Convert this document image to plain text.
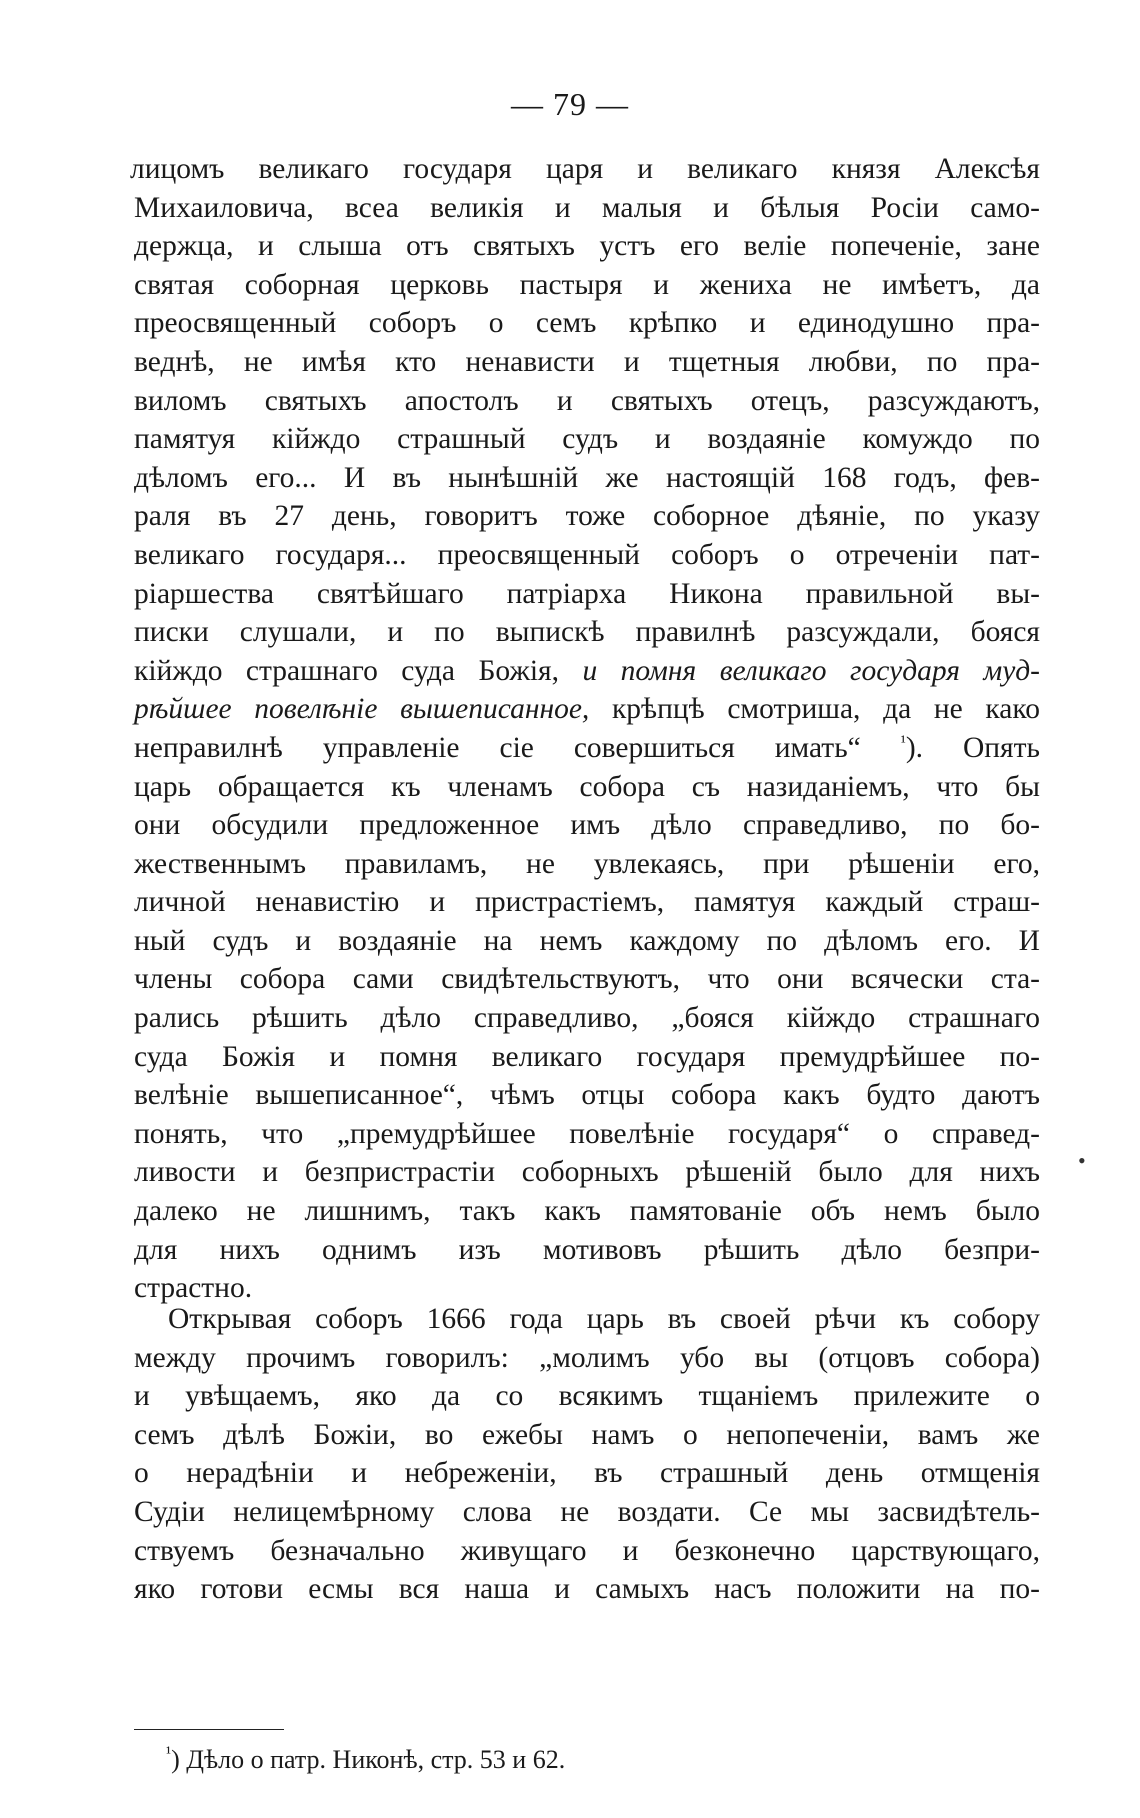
— 79 —
лицомъ великаго государя царя и великаго князя Алексѣя
Михаиловича, всеа великія и малыя и бѣлыя Росіи само-
держца, и слыша отъ святыхъ устъ его веліе попеченіе, зане
святая соборная церковь пастыря и жениха не имѣетъ, да
преосвященный соборъ о семъ крѣпко и единодушно пра-
веднѣ, не имѣя кто ненависти и тщетныя любви, по пра-
виломъ святыхъ апостолъ и святыхъ отецъ, разсуждаютъ,
памятуя кійждо страшный судъ и воздаяніе комуждо по
дѣломъ его... И въ нынѣшній же настоящій 168 годъ, фев-
раля въ 27 день, говоритъ тоже соборное дѣяніе, по указу
великаго государя... преосвященный соборъ о отреченіи пат-
ріаршества святѣйшаго патріарха Никона правильной вы-
писки слушали, и по выпискѣ правилнѣ разсуждали, бояся
кійждо страшнаго суда Божія, и помня великаго государя муд-
рѣйшее повелѣніе вышеписанное, крѣпцѣ смотриша, да не како
неправилнѣ управленіе сіе совершиться имать“ $^{^1}$). Опять
царь обращается къ членамъ собора съ назиданіемъ, что бы
они обсудили предложенное имъ дѣло справедливо, по бо-
жественнымъ правиламъ, не увлекаясь, при рѣшеніи его,
личной ненавистію и пристрастіемъ, памятуя каждый страш-
ный судъ и воздаяніе на немъ каждому по дѣломъ его. И
члены собора сами свидѣтельствуютъ, что они всячески ста-
рались рѣшить дѣло справедливо, „бояся кійждо страшнаго
суда Божія и помня великаго государя премудрѣйшее по-
велѣніе вышеписанное“, чѣмъ отцы собора какъ будто даютъ
понять, что „премудрѣйшее повелѣніе государя“ о справед-
ливости и безпристрастіи соборныхъ рѣшеній было для нихъ
далеко не лишнимъ, такъ какъ памятованіе объ немъ было
для нихъ однимъ изъ мотивовъ рѣшить дѣло безпри-
страстно.
Открывая соборъ 1666 года царь въ своей рѣчи къ собору
между прочимъ говорилъ: „молимъ убо вы (отцовъ собора)
и увѣщаемъ, яко да со всякимъ тщаніемъ прилежите о
семъ дѣлѣ Божіи, во ежебы намъ о непопеченіи, вамъ же
о нерадѣніи и небреженіи, въ страшный день отмщенія
Судіи нелицемѣрному слова не воздати. Се мы засвидѣтель-
ствуемъ безначально живущаго и безконечно царствующаго,
яко готови есмы вся наша и самыхъ насъ положити на по-
$^{^1}$) Дѣло о патр. Никонѣ, стр. 53 и 62.
•
